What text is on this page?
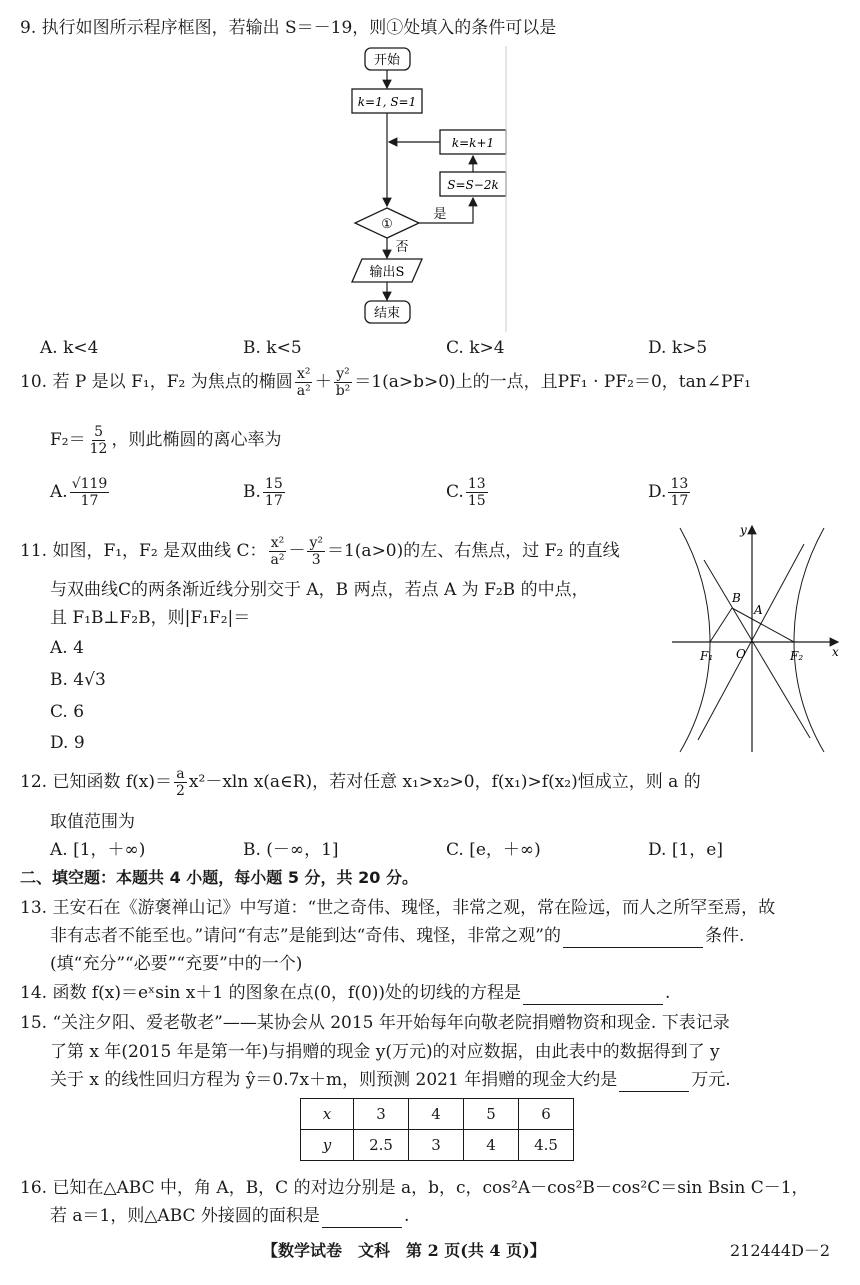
9. 执行如图所示程序框图，若输出 S＝－19，则①处填入的条件可以是
开始
k=1, S=1
k=k+1
S=S−2k
①
是
否
输出S
结束
A. k<4	B. k<5	C. k>4	D. k>5
10. 若 P 是以 F₁，F₂ 为焦点的椭圆 $\frac{\text{x²}}{\text{a²}} + \frac{\text{y²}}{\text{b²}} =1(a>b>0)$上的一点，且PF₁ · PF₂＝0，tan∠PF₁
$F_2= \frac{5}{12}$ ，则此椭圆的离心率为
A. $\frac{√119}{17}$	B. $\frac{15}{17}$	C. $\frac{13}{15}$	D. $\frac{13}{17}$
11. 如图，F₁，F₂ 是双曲线 C： $\frac{\text{x²}}{\text{a²}} - \frac{\text{y²}}{3} =1(a>0)$的左、右焦点，过 F₂ 的直线
与双曲线C的两条渐近线分别交于 A，B 两点，若点 A 为 F₂B 的中点，
且 F₁B⊥F₂B，则|F₁F₂|＝
A. 4
B. 4√3
C. 6
D. 9
y
x
B
A
F₁ O	F₂
12. 已知函数 $f(x)= \frac{a}{2} x^2-xln$ x(a∈R)，若对任意 x₁>x₂>0，f(x₁)>f(x₂)恒成立，则 a 的
取值范围为
A. [1，＋∞)	B. (－∞，1]	C. [e，＋∞)	D. [1，e]
二、填空题：本题共 4 小题，每小题 5 分，共 20 分。
13. 王安石在《游褒禅山记》中写道：“世之奇伟、瑰怪，非常之观，常在险远，而人之所罕至焉，故
非有志者不能至也。”请问“有志”是能到达“奇伟、瑰怪，非常之观”的	条件.
(填“充分”“必要”“充要”中的一个)
14. 函数 f(x)＝eˣsin x＋1 的图象在点(0，f(0))处的切线的方程是	.
15. “关注夕阳、爱老敬老”——某协会从 2015 年开始每年向敬老院捐赠物资和现金. 下表记录
了第 x 年(2015 年是第一年)与捐赠的现金 y(万元)的对应数据，由此表中的数据得到了 y
关于 x 的线性回归方程为 ŷ＝0.7x＋m，则预测 2021 年捐赠的现金大约是	万元.
x	3	4	5	6
y	2.5	3	4	4.5
16. 已知在△ABC 中，角 A，B，C 的对边分别是 a，b，c，cos²A－cos²B－cos²C＝sin Bsin C－1，
若 a＝1，则△ABC 外接圆的面积是	.
【数学试卷　文科　第 2 页(共 4 页)】	212444D－2
